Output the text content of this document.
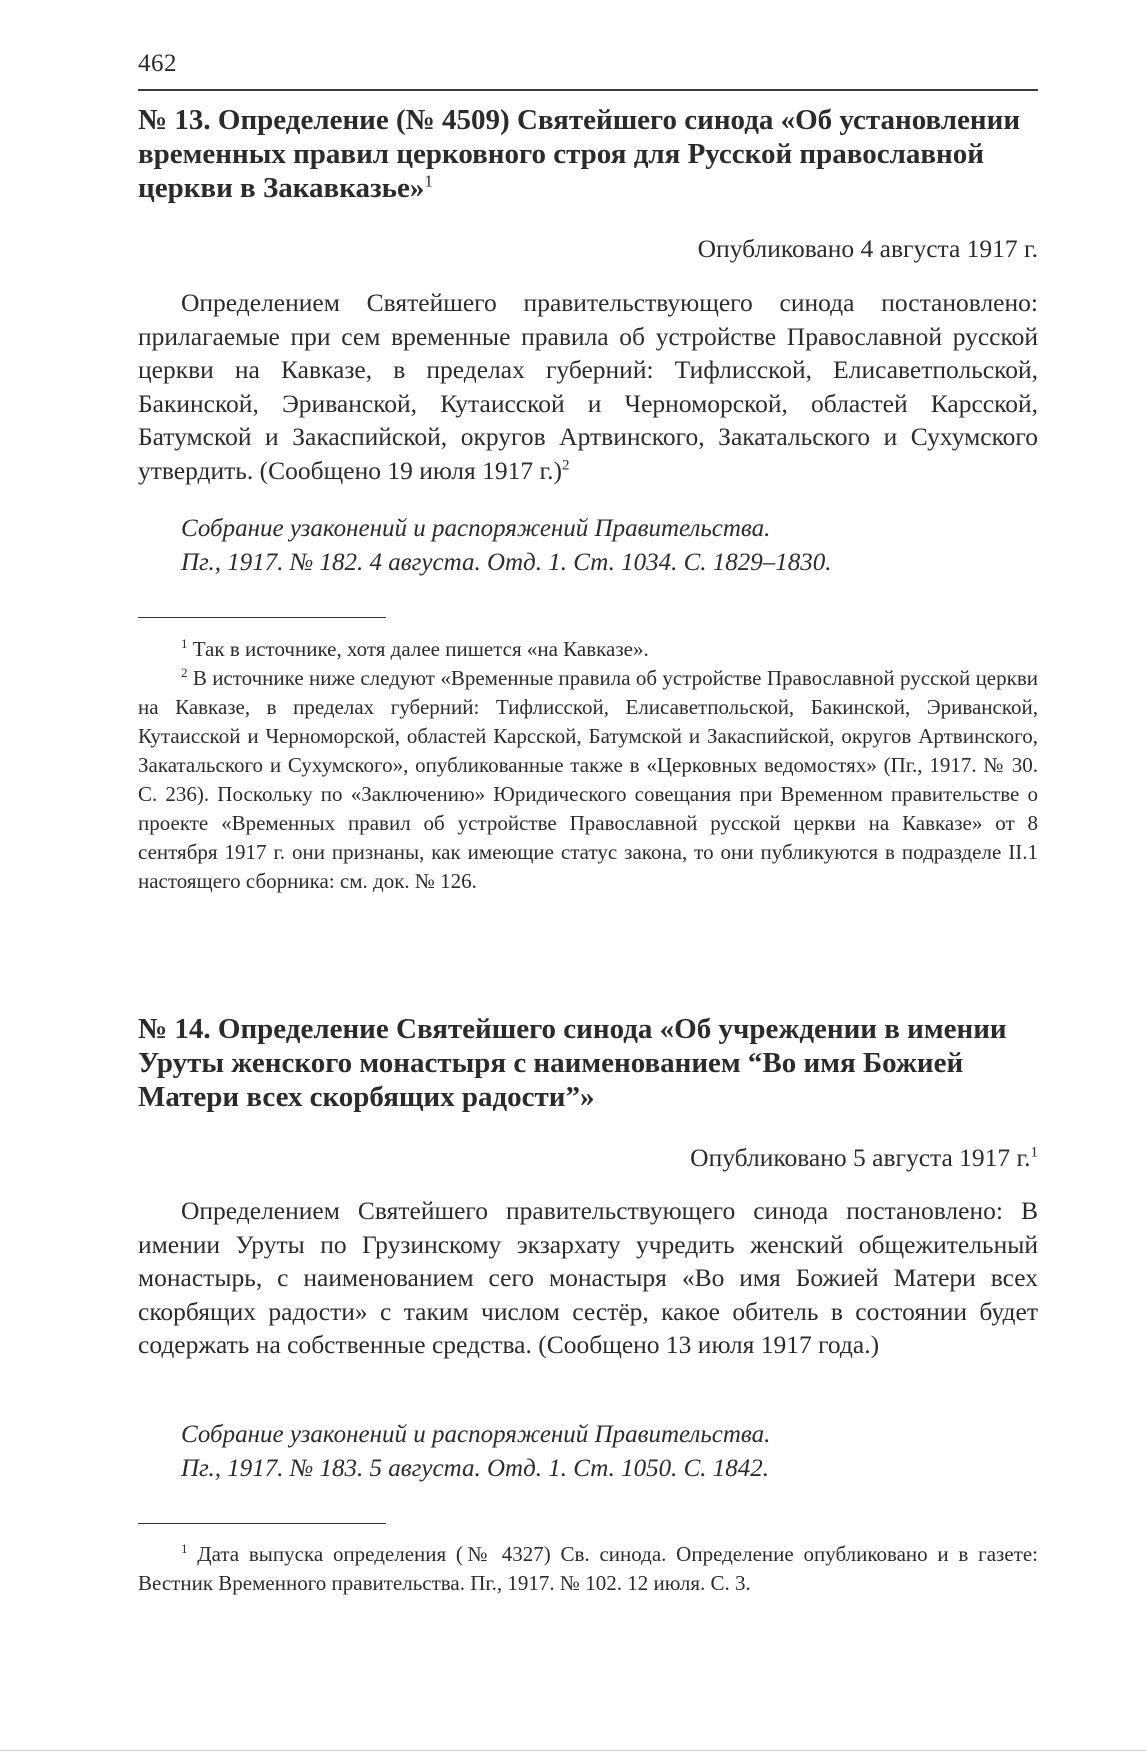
462

№ 13. Определение (№ 4509) Святейшего синода «Об установлении временных правил церковного строя для Русской православной церкви в Закавказье»$^1$

Опубликовано 4 августа 1917 г.

Определением Святейшего правительствующего синода постановлено: прилагаемые при сем временные правила об устройстве Православной русской церкви на Кавказе, в пределах губерний: Тифлисской, Елисаветпольской, Бакинской, Эриванской, Кутаисской и Черноморской, областей Карсской, Батумской и Закаспийской, округов Артвинского, Закатальского и Сухумского утвердить. (Сообщено 19 июля 1917 г.)$^2$

Собрание узаконений и распоряжений Правительства.

Пг., 1917. № 182. 4 августа. Отд. 1. Ст. 1034. С. 1829–1830.

$^1$ Так в источнике, хотя далее пишется «на Кавказе».

$^2$ В источнике ниже следуют «Временные правила об устройстве Православной русской церкви на Кавказе, в пределах губерний: Тифлисской, Елисаветпольской, Бакинской, Эриванской, Кутаисской и Черноморской, областей Карсской, Батумской и Закаспийской, округов Артвинского, Закатальского и Сухумского», опубликованные также в «Церковных ведомостях» (Пг., 1917. № 30. С. 236). Поскольку по «Заключению» Юридического совещания при Временном правительстве о проекте «Временных правил об устройстве Православной русской церкви на Кавказе» от 8 сентября 1917 г. они признаны, как имеющие статус закона, то они публикуются в подразделе II.1 настоящего сборника: см. док. № 126.

№ 14. Определение Святейшего синода «Об учреждении в имении Уруты женского монастыря с наименованием “Во имя Божией Матери всех скорбящих радости”»

Опубликовано 5 августа 1917 г.$^1$

Определением Святейшего правительствующего синода постановлено: В имении Уруты по Грузинскому экзархату учредить женский общежительный монастырь, с наименованием сего монастыря «Во имя Божией Матери всех скорбящих радости» с таким числом сестёр, какое обитель в состоянии будет содержать на собственные средства. (Сообщено 13 июля 1917 года.)

Собрание узаконений и распоряжений Правительства.

Пг., 1917. № 183. 5 августа. Отд. 1. Ст. 1050. С. 1842.

$^1$ Дата выпуска определения (№ 4327) Св. синода. Определение опубликовано и в газете: Вестник Временного правительства. Пг., 1917. № 102. 12 июля. С. 3.
